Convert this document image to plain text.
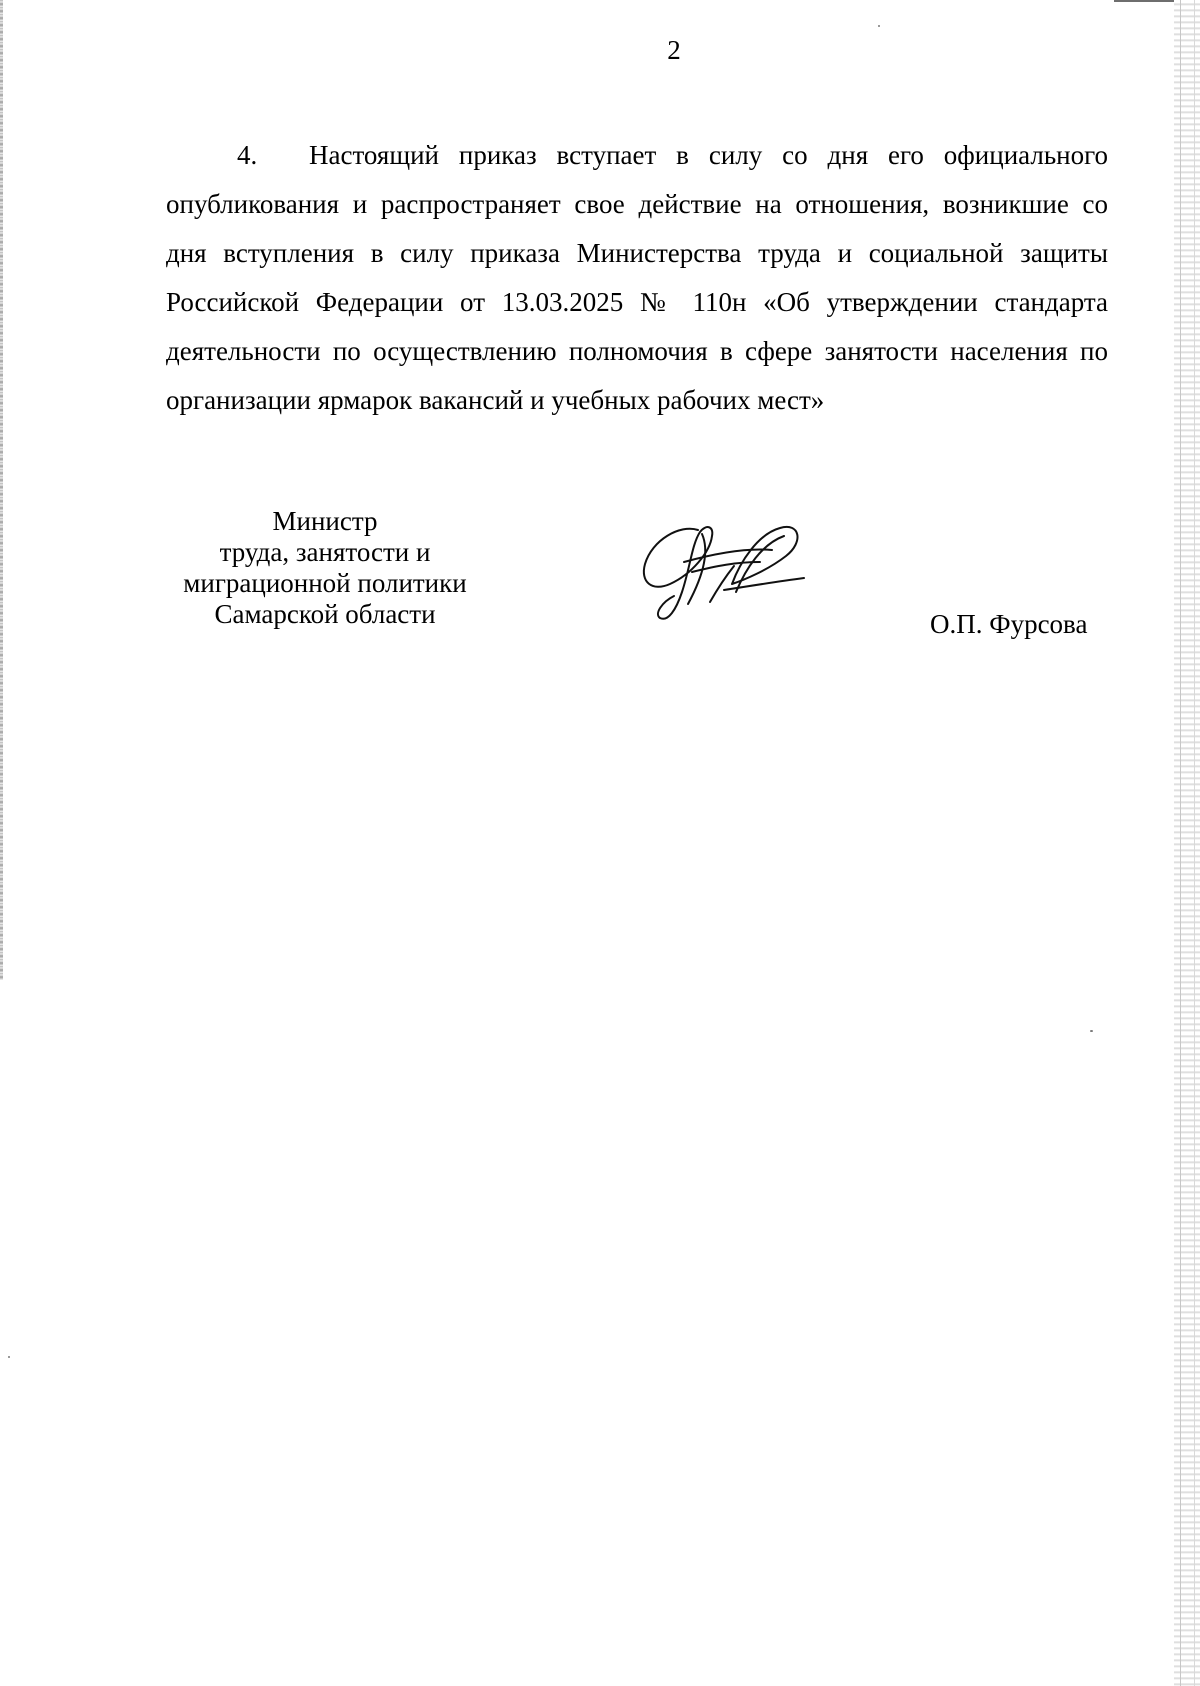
2
4. Настоящий приказ вступает в силу со дня его официального
опубликования и распространяет свое действие на отношения, возникшие со
дня вступления в силу приказа Министерства труда и социальной защиты
Российской Федерации от 13.03.2025 № 110н «Об утверждении стандарта
деятельности по осуществлению полномочия в сфере занятости населения по
организации ярмарок вакансий и учебных рабочих мест»
Министр
труда, занятости и
миграционной политики
Самарской области	О.П. Фурсова
